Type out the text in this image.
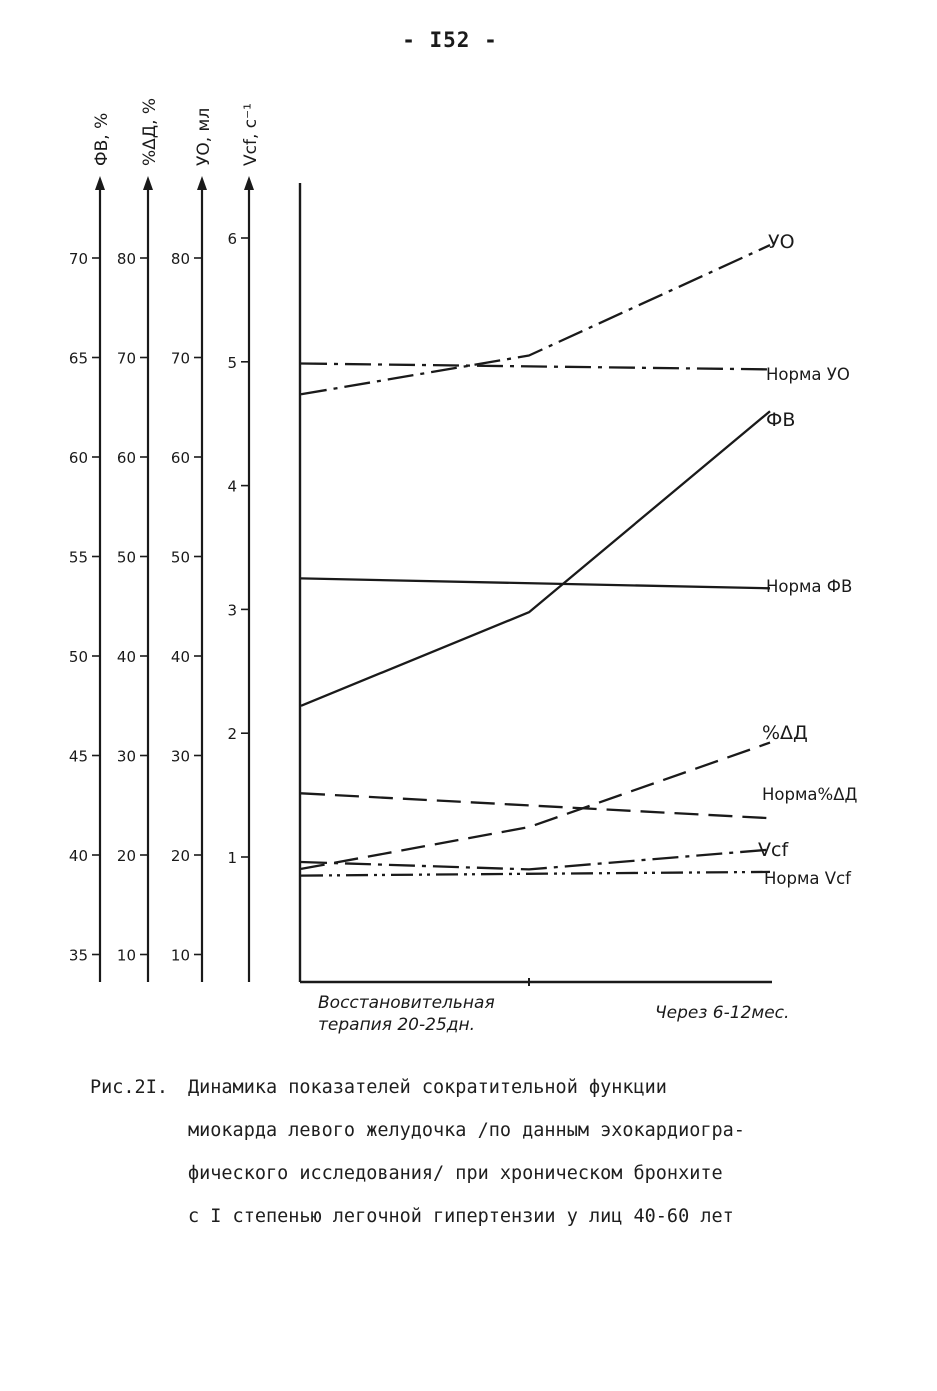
- I52 -
ФВ, %
35
40
45
50
55
60
65
70
%ΔД, %
10
20
30
40
50
60
70
80
УО, мл
10
20
30
40
50
60
70
80
Vcf, c⁻¹
1
2
3
4
5
6
Восстановительная терапия 20-25дн.
Через 6-12мес.
УО
Норма УО
ФВ
Норма ФВ
%ΔД
Норма%ΔД
Vcf
Норма Vcf
Рис.2I. Динамика показателей сократительной функции
миокарда левого желудочка /по данным эхокардиогра-
фического исследования/ при хроническом бронхите
с I степенью легочной гипертензии у лиц 40-60 лет
